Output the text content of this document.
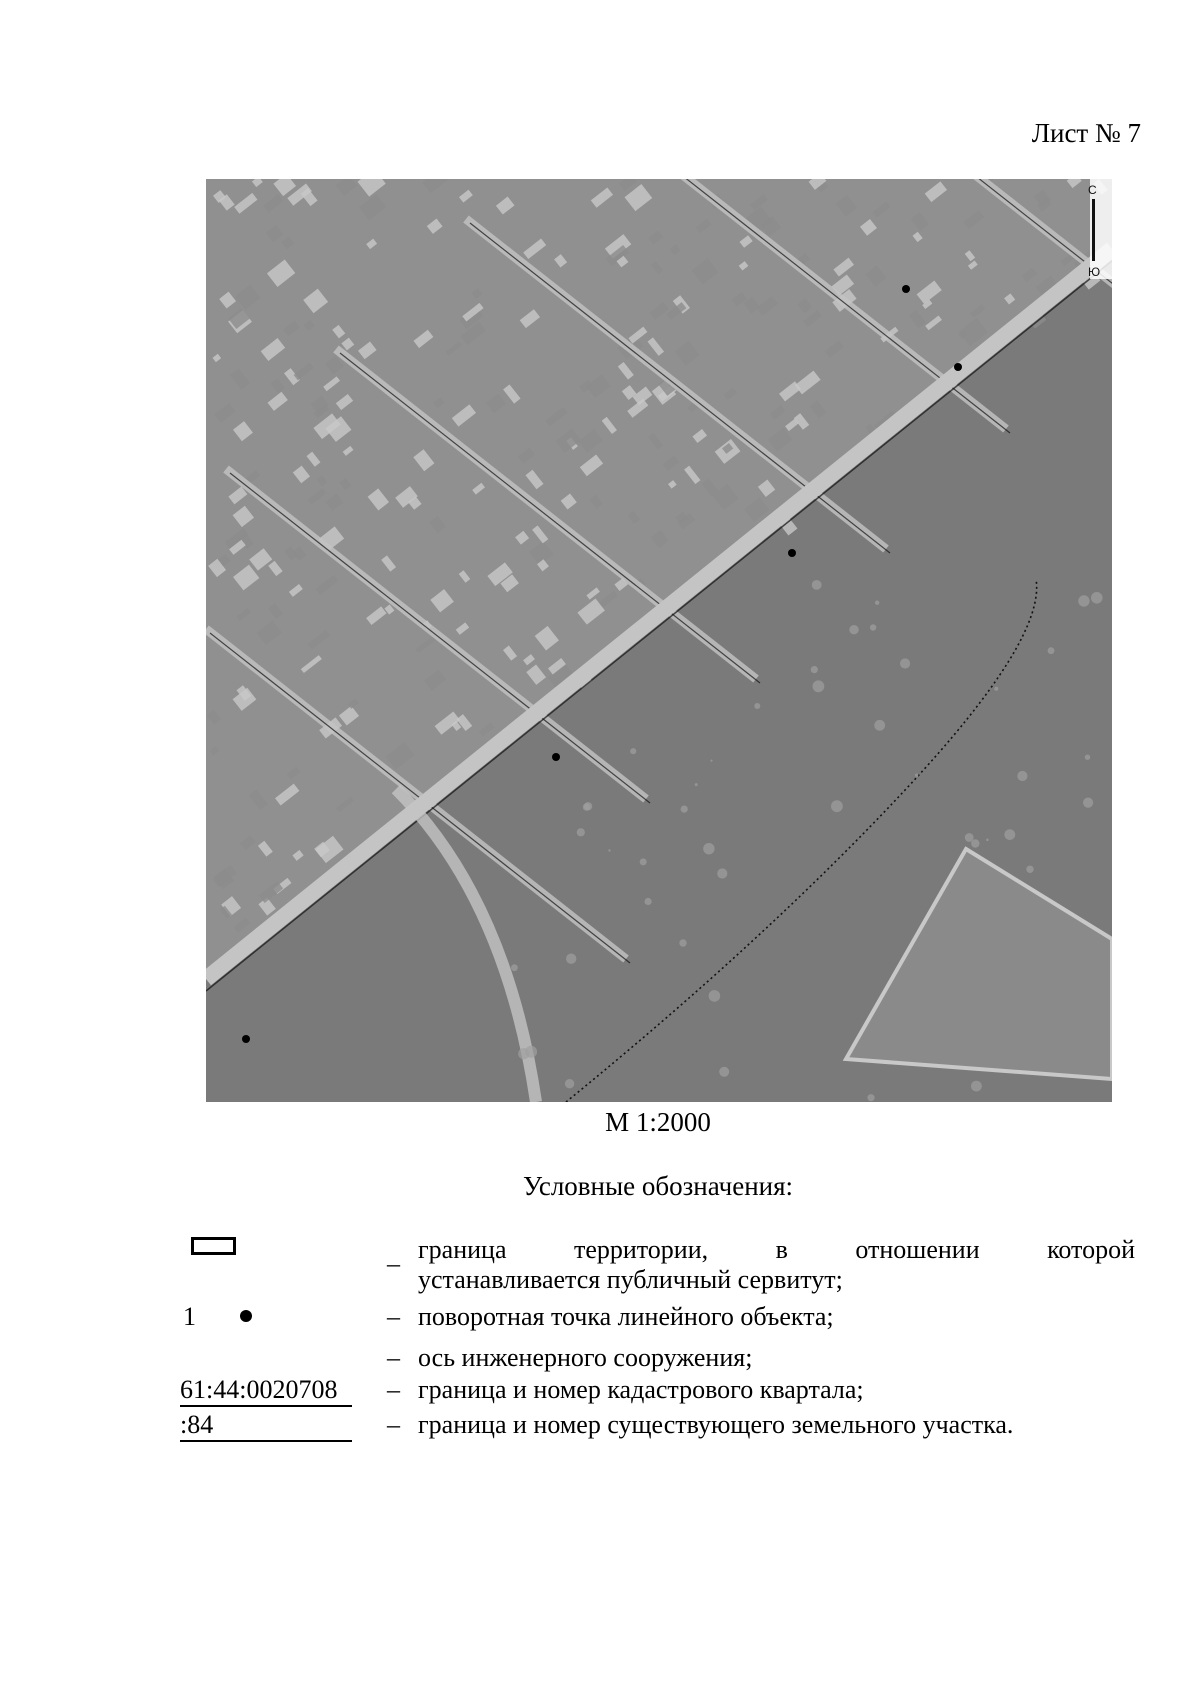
Лист № 7
С
Ю
М 1:2000
Условные обозначения:
– граница территории, в отношении которой
устанавливается публичный сервитут;
1	– поворотная точка линейного объекта;
– ось инженерного сооружения;
61:44:0020708	– граница и номер кадастрового квартала;
:84	– граница и номер существующего земельного участка.
